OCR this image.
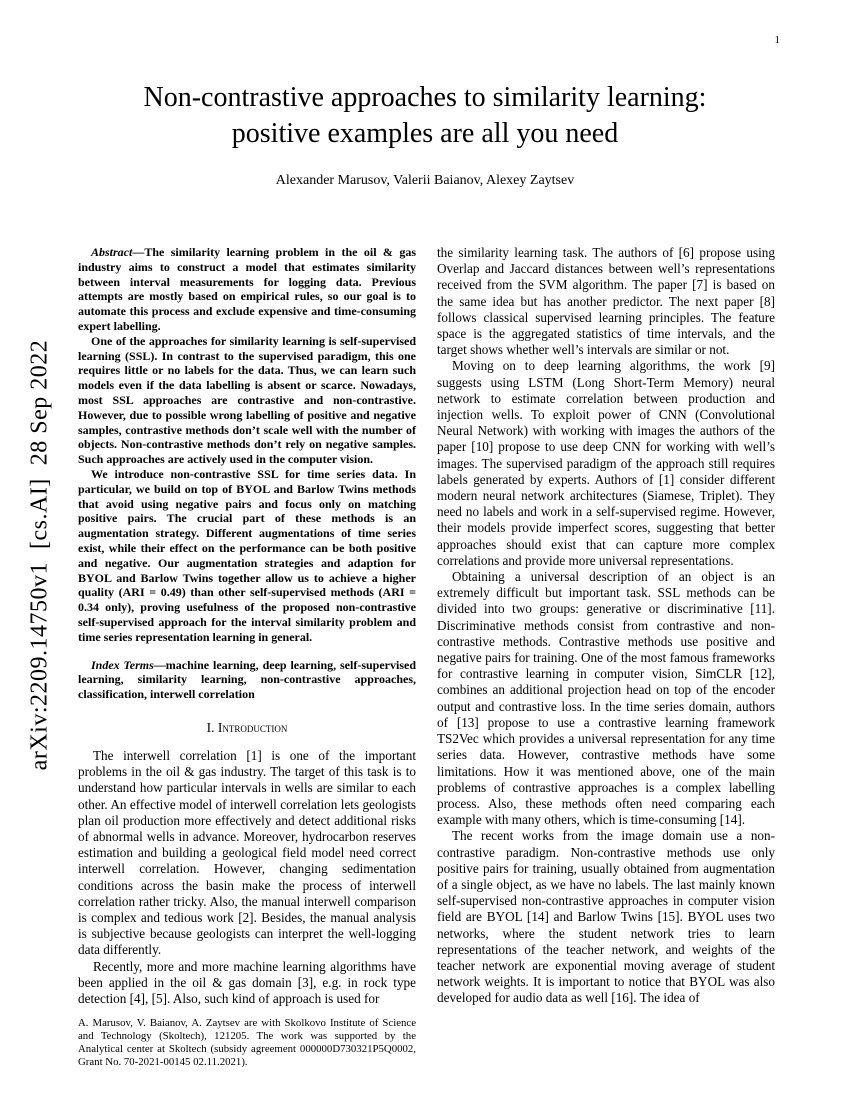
1
arXiv:2209.14750v1  [cs.AI]  28 Sep 2022
Non-contrastive approaches to similarity learning:
positive examples are all you need
Alexander Marusov, Valerii Baianov, Alexey Zaytsev

Abstract—The similarity learning problem in the oil & gas industry aims to construct a model that estimates similarity between interval measurements for logging data. Previous attempts are mostly based on empirical rules, so our goal is to automate this process and exclude expensive and time-consuming expert labelling.

One of the approaches for similarity learning is self-supervised learning (SSL). In contrast to the supervised paradigm, this one requires little or no labels for the data. Thus, we can learn such models even if the data labelling is absent or scarce. Nowadays, most SSL approaches are contrastive and non-contrastive. However, due to possible wrong labelling of positive and negative samples, contrastive methods don’t scale well with the number of objects. Non-contrastive methods don’t rely on negative samples. Such approaches are actively used in the computer vision.

We introduce non-contrastive SSL for time series data. In particular, we build on top of BYOL and Barlow Twins methods that avoid using negative pairs and focus only on matching positive pairs. The crucial part of these methods is an augmentation strategy. Different augmentations of time series exist, while their effect on the performance can be both positive and negative. Our augmentation strategies and adaption for BYOL and Barlow Twins together allow us to achieve a higher quality (ARI = 0.49) than other self-supervised methods (ARI = 0.34 only), proving usefulness of the proposed non-contrastive self-supervised approach for the interval similarity problem and time series representation learning in general.

Index Terms—machine learning, deep learning, self-supervised learning, similarity learning, non-contrastive approaches, classification, interwell correlation

I. Introduction

The interwell correlation [1] is one of the important problems in the oil & gas industry. The target of this task is to understand how particular intervals in wells are similar to each other. An effective model of interwell correlation lets geologists plan oil production more effectively and detect additional risks of abnormal wells in advance. Moreover, hydrocarbon reserves estimation and building a geological field model need correct interwell correlation. However, changing sedimentation conditions across the basin make the process of interwell correlation rather tricky. Also, the manual interwell comparison is complex and tedious work [2]. Besides, the manual analysis is subjective because geologists can interpret the well-logging data differently.

Recently, more and more machine learning algorithms have been applied in the oil & gas domain [3], e.g. in rock type detection [4], [5]. Also, such kind of approach is used for

A. Marusov, V. Baianov, A. Zaytsev are with Skolkovo Institute of Science and Technology (Skoltech), 121205. The work was supported by the Analytical center at Skoltech (subsidy agreement 000000D730321P5Q0002, Grant No. 70-2021-00145 02.11.2021).

the similarity learning task. The authors of [6] propose using Overlap and Jaccard distances between well’s representations received from the SVM algorithm. The paper [7] is based on the same idea but has another predictor. The next paper [8] follows classical supervised learning principles. The feature space is the aggregated statistics of time intervals, and the target shows whether well’s intervals are similar or not.

Moving on to deep learning algorithms, the work [9] suggests using LSTM (Long Short-Term Memory) neural network to estimate correlation between production and injection wells. To exploit power of CNN (Convolutional Neural Network) with working with images the authors of the paper [10] propose to use deep CNN for working with well’s images. The supervised paradigm of the approach still requires labels generated by experts. Authors of [1] consider different modern neural network architectures (Siamese, Triplet). They need no labels and work in a self-supervised regime. However, their models provide imperfect scores, suggesting that better approaches should exist that can capture more complex correlations and provide more universal representations.

Obtaining a universal description of an object is an extremely difficult but important task. SSL methods can be divided into two groups: generative or discriminative [11]. Discriminative methods consist from contrastive and non-contrastive methods. Contrastive methods use positive and negative pairs for training. One of the most famous frameworks for contrastive learning in computer vision, SimCLR [12], combines an additional projection head on top of the encoder output and contrastive loss. In the time series domain, authors of [13] propose to use a contrastive learning framework TS2Vec which provides a universal representation for any time series data. However, contrastive methods have some limitations. How it was mentioned above, one of the main problems of contrastive approaches is a complex labelling process. Also, these methods often need comparing each example with many others, which is time-consuming [14].

The recent works from the image domain use a non-contrastive paradigm. Non-contrastive methods use only positive pairs for training, usually obtained from augmentation of a single object, as we have no labels. The last mainly known self-supervised non-contrastive approaches in computer vision field are BYOL [14] and Barlow Twins [15]. BYOL uses two networks, where the student network tries to learn representations of the teacher network, and weights of the teacher network are exponential moving average of student network weights. It is important to notice that BYOL was also developed for audio data as well [16]. The idea of
